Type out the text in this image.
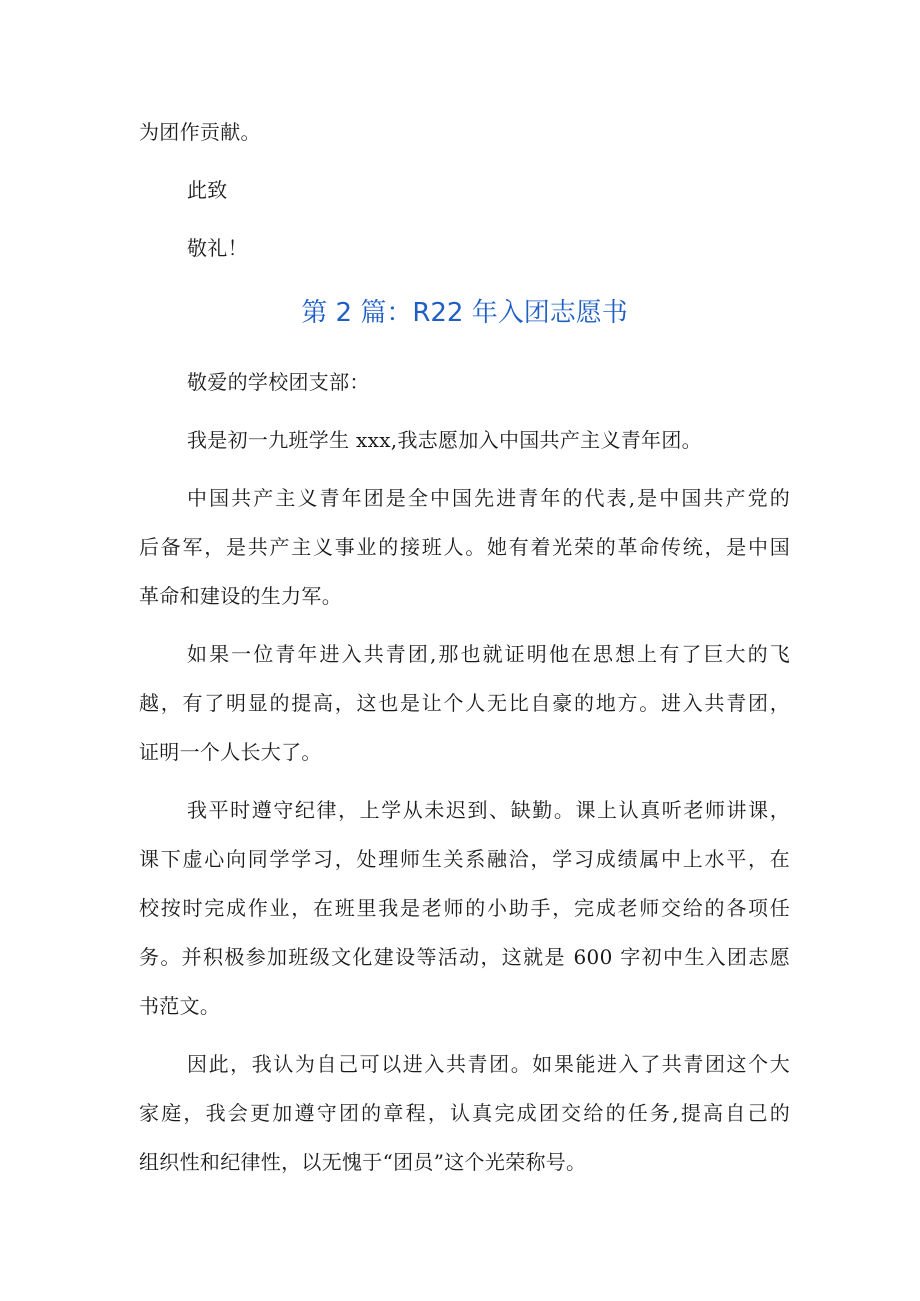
为团作贡献。
此致
敬礼！
第 2 篇：R22 年入团志愿书
敬爱的学校团支部：
我是初一九班学生 xxx,我志愿加入中国共产主义青年团。
中国共产主义青年团是全中国先进青年的代表,是中国共产党的
后备军，是共产主义事业的接班人。她有着光荣的革命传统，是中国
革命和建设的生力军。
如果一位青年进入共青团,那也就证明他在思想上有了巨大的飞
越，有了明显的提高，这也是让个人无比自豪的地方。进入共青团，
证明一个人长大了。
我平时遵守纪律，上学从未迟到、缺勤。课上认真听老师讲课，
课下虚心向同学学习，处理师生关系融洽，学习成绩属中上水平，在
校按时完成作业，在班里我是老师的小助手，完成老师交给的各项任
务。并积极参加班级文化建设等活动，这就是 600 字初中生入团志愿
书范文。
因此，我认为自己可以进入共青团。如果能进入了共青团这个大
家庭，我会更加遵守团的章程，认真完成团交给的任务,提高自己的
组织性和纪律性，以无愧于“团员”这个光荣称号。
